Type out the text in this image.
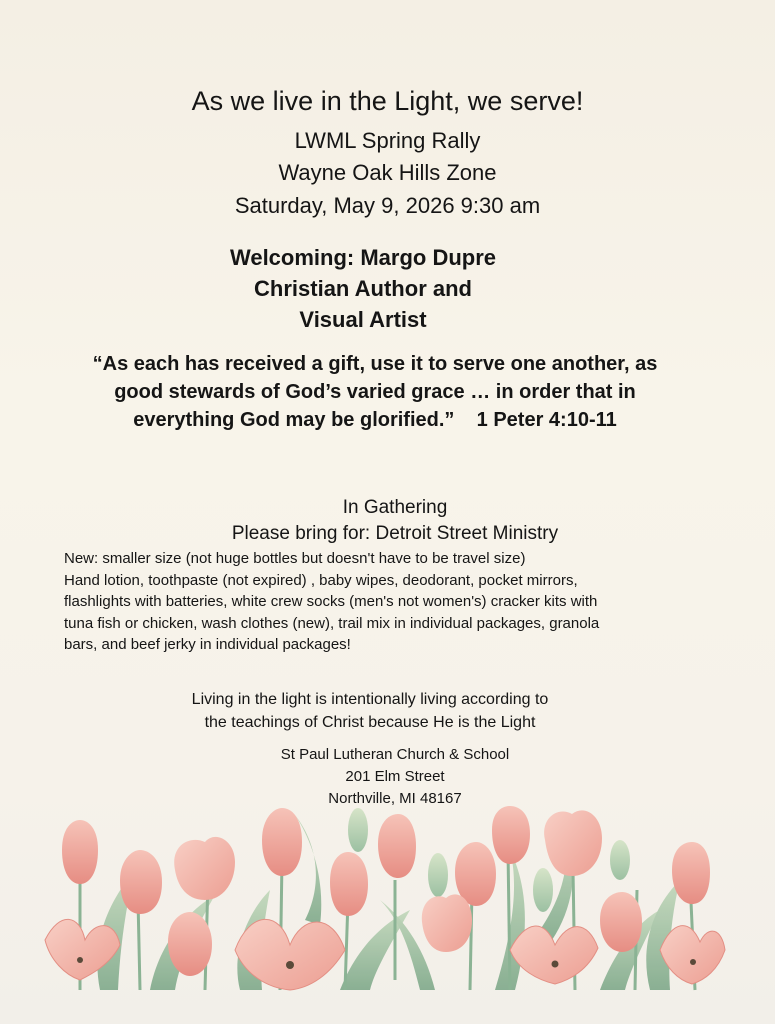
As we live in the Light, we serve!
LWML Spring Rally
Wayne Oak Hills Zone
Saturday, May 9, 2026 9:30 am
Welcoming: Margo Dupre
Christian Author and
Visual Artist
“As each has received a gift, use it to serve one another, as
good stewards of God’s varied grace … in order that in
everything God may be glorified.”    1 Peter 4:10-11
In Gathering
Please bring for: Detroit Street Ministry
New: smaller size (not huge bottles but doesn't have to be travel size)
Hand lotion, toothpaste (not expired) , baby wipes, deodorant, pocket mirrors,
flashlights with batteries, white crew socks (men's not women's) cracker kits with
tuna fish or chicken, wash clothes (new), trail mix in individual packages, granola
bars, and beef jerky in individual packages!
Living in the light is intentionally living according to
the teachings of Christ because He is the Light
St Paul Lutheran Church & School
201 Elm Street
Northville, MI 48167
